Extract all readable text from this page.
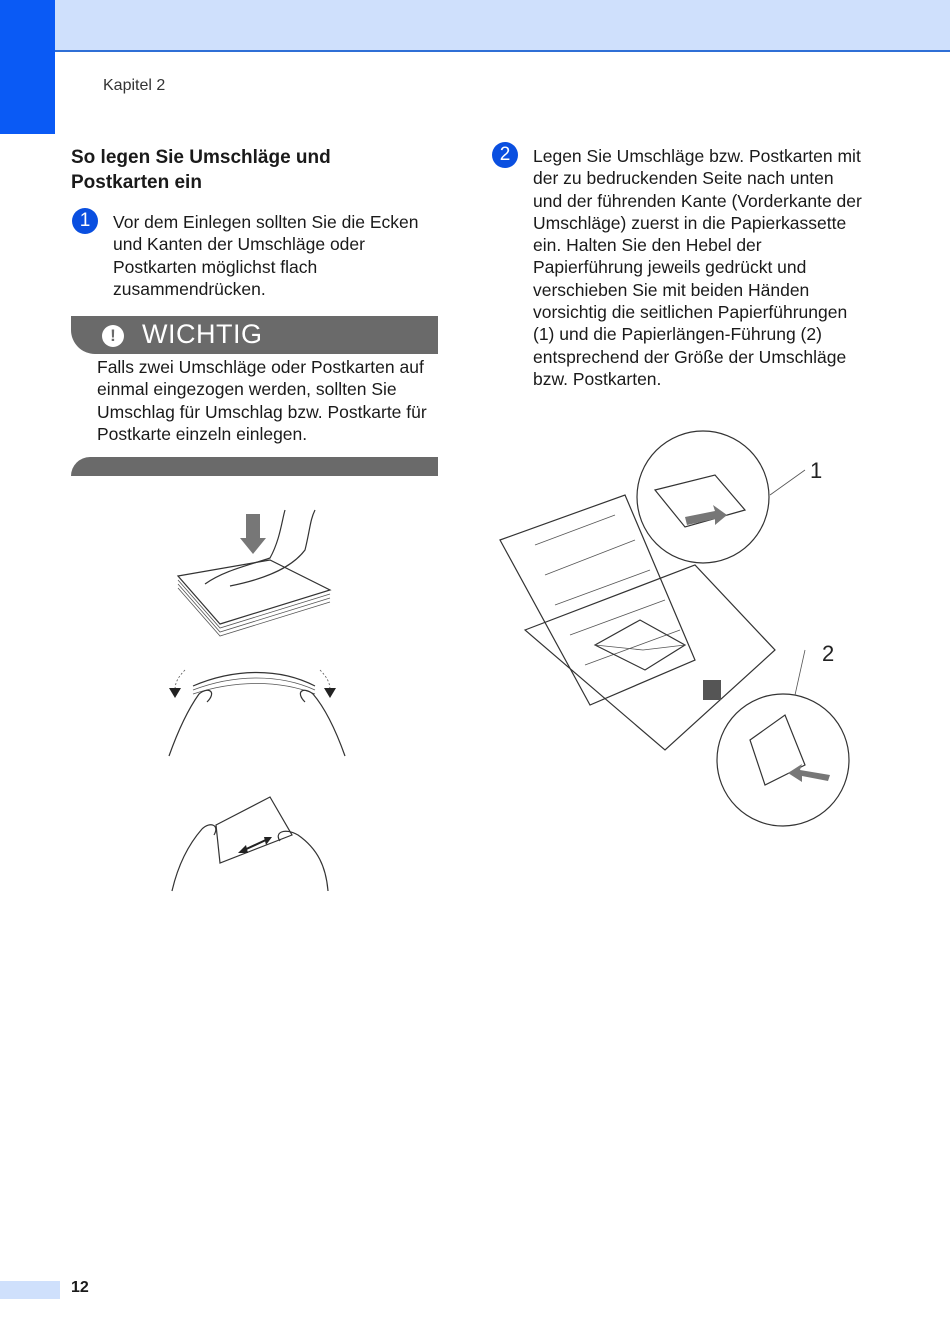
Kapitel 2
So legen Sie Umschläge und Postkarten ein
1	Vor dem Einlegen sollten Sie die Ecken und Kanten der Umschläge oder Postkarten möglichst flach zusammendrücken.
! WICHTIG
Falls zwei Umschläge oder Postkarten auf einmal eingezogen werden, sollten Sie Umschlag für Umschlag bzw. Postkarte für Postkarte einzeln einlegen.
2	Legen Sie Umschläge bzw. Postkarten mit der zu bedruckenden Seite nach unten und der führenden Kante (Vorderkante der Umschläge) zuerst in die Papierkassette ein. Halten Sie den Hebel der Papierführung jeweils gedrückt und verschieben Sie mit beiden Händen vorsichtig die seitlichen Papierführungen (1) und die Papierlängen-Führung (2) entsprechend der Größe der Umschläge bzw. Postkarten.
1
2
12
